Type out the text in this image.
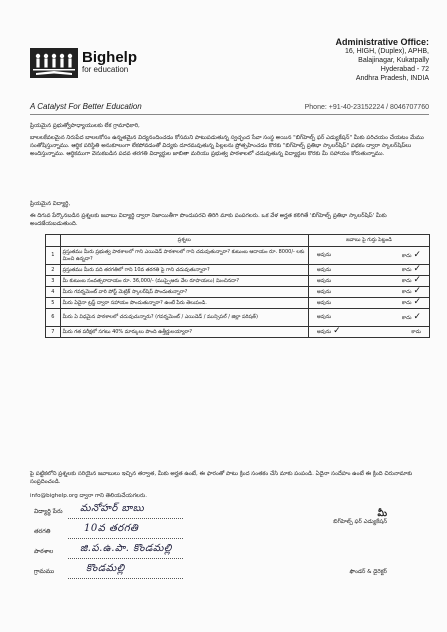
Bighelp
for education
A Catalyst For Better Education
Administrative Office:
16, HIGH, (Duplex), APHB,
Balajinagar, Kukatpally
Hyderabad - 72
Andhra Pradesh, INDIA
Phone: +91-40-23152224 / 8046707760
ప్రియమైన ప్రభుత్వోపాధ్యాయులకు లేక గ్రామాధికారి,
బాలలకేవలమైన నిరుపేద బాలలకోసం ఉన్నతమైన విద్యనందించడం కోసమని పాటుపడుతున్న స్వచ్ఛంద సేవా సంస్థ అయిన "బిగ్‌హెల్ప్ ఫర్ ఎడ్యుకేషన్" మీకు పరిచయం చేయటం మేము సంతోషిస్తున్నాము. ఆర్థిక పరిస్థితి అనుకూలంగా లేకపోవడంతో విద్యకు దూరమవుతున్న పిల్లలను ప్రోత్సహించడం కొరకు "బిగ్‌హెల్ప్ ప్రతిభా స్కాలర్‌షిప్" పథకం ద్వారా స్కాలర్‌షిప్‌లు అందిస్తున్నాము. ఆర్థికముగా వెనుకబడిన పదవ తరగతి విద్యార్థుల జాబితా మరియు ప్రభుత్వ పాఠశాలలో చదువుతున్న విద్యార్థుల కొరకు మీ సహాయం కోరుతున్నాము.
ప్రియమైన విద్యార్థి,
ఈ దిగువ పేర్కొనబడిన ప్రశ్నలకు జవాబు విద్యార్థి ద్వారా నిజాయితీగా పొందుపరచి తిరిగి మాకు పంపగలరు. ఒక వేళ అర్హత కలిగితే 'బిగ్‌హెల్ప్ ప్రతిభా స్కాలర్‌షిప్' మీకు అందజేయబడుతుంది.
	ప్రశ్నలు	జవాబు పై గుర్తు పెట్టండి
1	ప్రస్తుతము మీరు ప్రభుత్వ పాఠశాలలో గాని ఎయిడెడ్ పాఠశాలలో గాని చదువుతున్నారా? కుటుంబ ఆదాయం రూ. 8000/- లకు మించి ఉన్నదా?	అవును కాదు ✓

2	ప్రస్తుతము మీరు పది తరగతిలో గాని 10వ తరగతి పై గాని చదువుతున్నారా?	అవును కాదు ✓

3	మీ కుటుంబ సంవత్సరాదాయం రూ. 36,000/- (ముప్పైఆరు వేల రూపాయలు) మించినదా?	అవును కాదు ✓

4	మీరు గవర్నమెంట్ వారి పోస్ట్ మెట్రిక్ స్కాలర్‌షిప్ పొందుతున్నారా?	అవును కాదు ✓

5	మీరు ఏదైనా ట్రస్ట్ ద్వారా సహాయం పొందుతున్నారా? ఉంటే పేరు తెలుపండి.	అవును కాదు ✓

6	మీరు ఏ విధమైన పాఠశాలలో చదువుచున్నారు? (గవర్నమెంట్ / ఎయిడెడ్ / మున్సిపల్ / జిల్లా పరిషత్)	అవును కాదు ✓

7	మీరు గత పరీక్షలో సగటు 40% మార్కులు పొంది ఉత్తీర్ణులయ్యారా?	అవును ✓ కాదు
పై పట్టికలోని ప్రశ్నలకు సరియైన జవాబులు ఇచ్చిన తర్వాత, మీకు అర్హత ఉంటే, ఈ ఫారంతో పాటు క్రింద సంతకం చేసి మాకు పంపండి. ఏదైనా సందేహం ఉంటే ఈ క్రింది చిరునామాకు సంప్రదించండి.
info@bighelp.org ద్వారా గాని తెలియచేయగలరు.
విద్యార్థి పేరు మనోహర్ బాబు
తరగతి	10వ తరగతి
పాఠశాల	జి.ప.ఉ.పా. కొండమల్లి
గ్రామము	కొండమల్లి
మీ
బిగ్‌హెల్ప్ ఫర్ ఎడ్యుకేషన్
ఫౌండర్ & డైరెక్టర్
